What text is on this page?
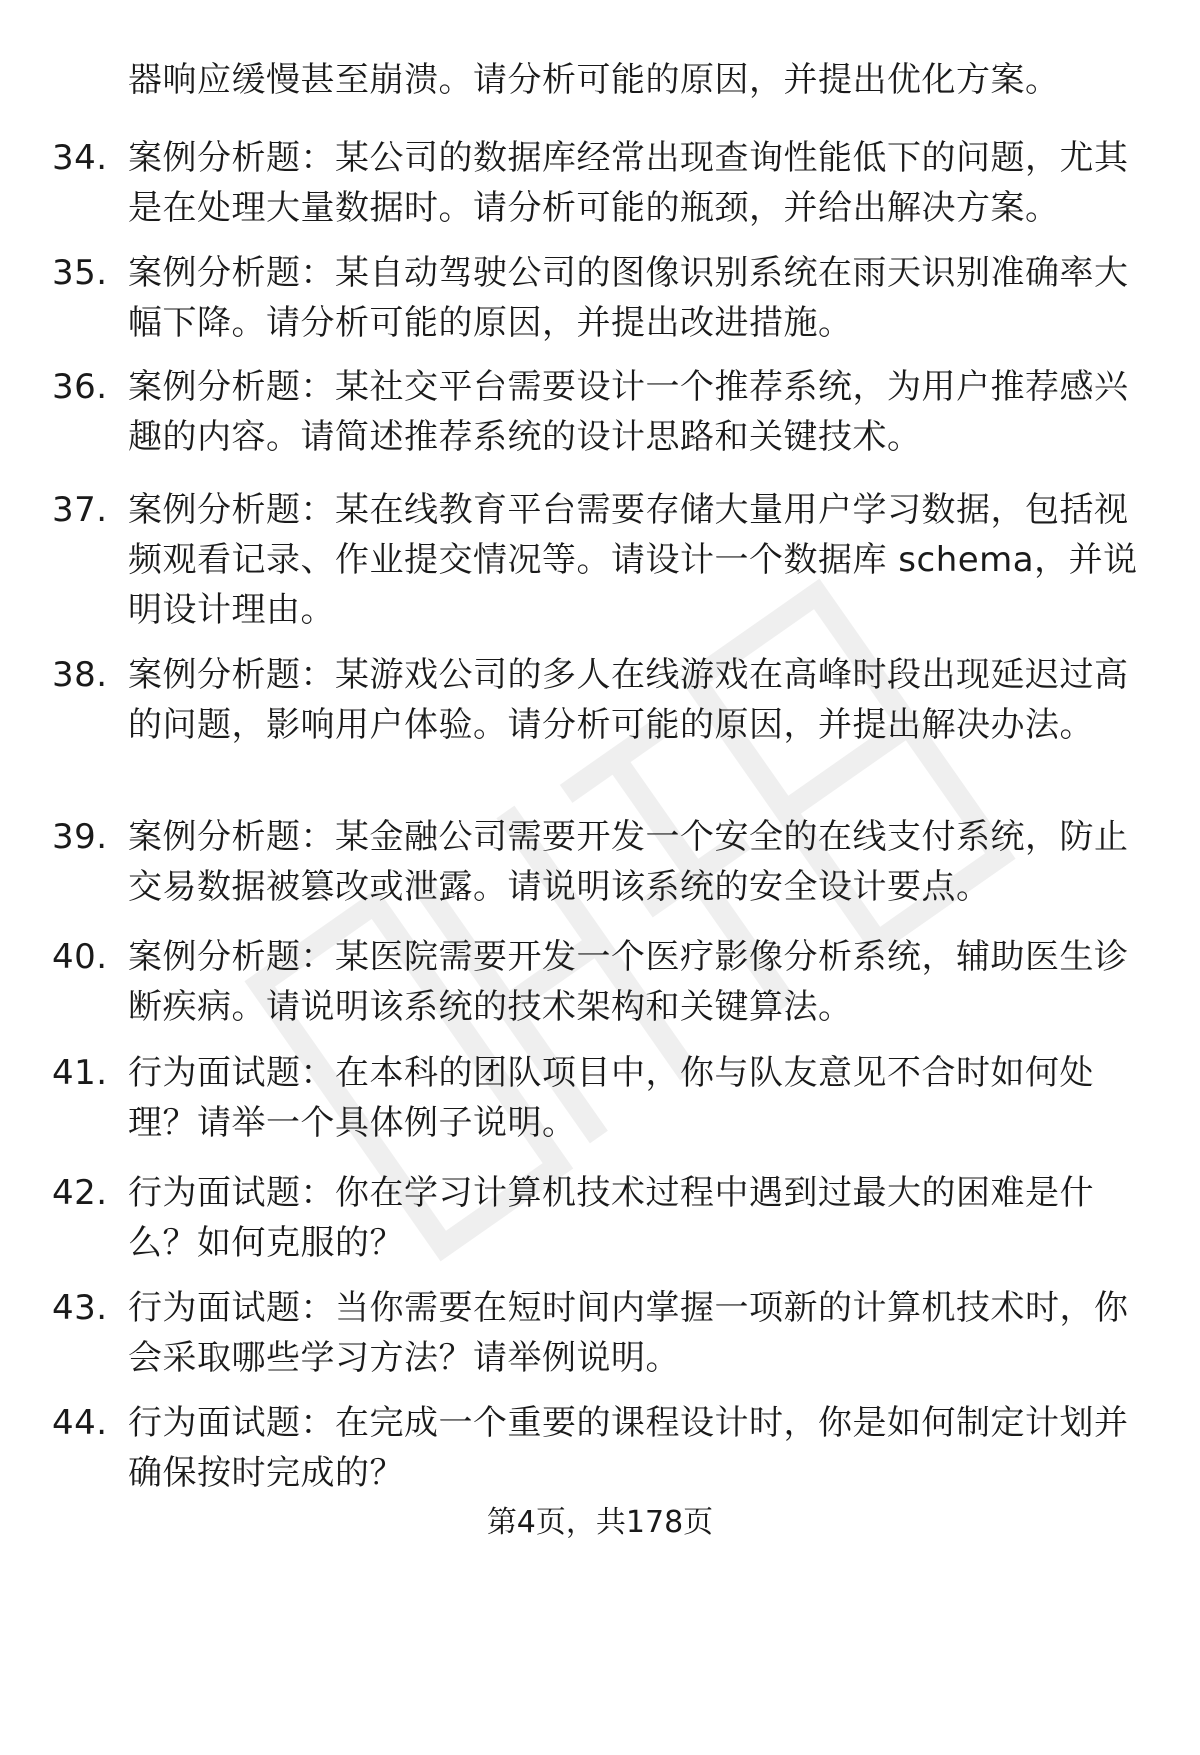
器响应缓慢甚至崩溃。请分析可能的原因，并提出优化方案。
34. 案例分析题：某公司的数据库经常出现查询性能低下的问题，尤其是在处理大量数据时。请分析可能的瓶颈，并给出解决方案。
35. 案例分析题：某自动驾驶公司的图像识别系统在雨天识别准确率大幅下降。请分析可能的原因，并提出改进措施。
36. 案例分析题：某社交平台需要设计一个推荐系统，为用户推荐感兴趣的内容。请简述推荐系统的设计思路和关键技术。
37. 案例分析题：某在线教育平台需要存储大量用户学习数据，包括视频观看记录、作业提交情况等。请设计一个数据库 schema，并说明设计理由。
38. 案例分析题：某游戏公司的多人在线游戏在高峰时段出现延迟过高的问题，影响用户体验。请分析可能的原因，并提出解决办法。
39. 案例分析题：某金融公司需要开发一个安全的在线支付系统，防止交易数据被篡改或泄露。请说明该系统的安全设计要点。
40. 案例分析题：某医院需要开发一个医疗影像分析系统，辅助医生诊断疾病。请说明该系统的技术架构和关键算法。
41. 行为面试题：在本科的团队项目中，你与队友意见不合时如何处理？请举一个具体例子说明。
42. 行为面试题：你在学习计算机技术过程中遇到过最大的困难是什么？如何克服的？
43. 行为面试题：当你需要在短时间内掌握一项新的计算机技术时，你会采取哪些学习方法？请举例说明。
44. 行为面试题：在完成一个重要的课程设计时，你是如何制定计划并确保按时完成的？
第4页，共178页
